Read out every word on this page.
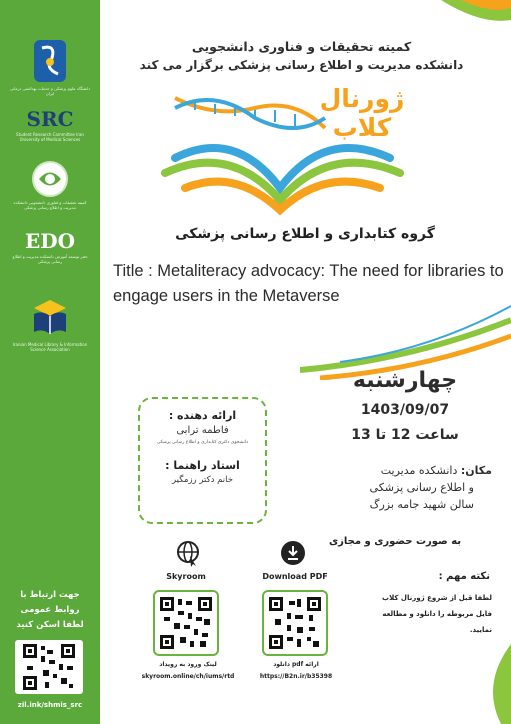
دانشگاه علوم پزشکی و خدمات بهداشتی درمانی ایران
SRC
Student Research Committee Iran University of Medical Sciences
کمیته تحقیقات و فناوری دانشجویی دانشکده مدیریت و اطلاع رسانی پزشکی
EDO
دفتر توسعه آموزش دانشکده مدیریت و اطلاع رسانی پزشکی
Iranian Medical Library & Information Science Association
جهت ارتباط با
روابط عمومی
لطفا اسکن کنید
zil.ink/shmis_src
کمیته تحقیقات و فناوری دانشجویی
دانشکده مدیریت و اطلاع رسانی پزشکی برگزار می کند
ژورنال کلاب
گروه کتابداری و اطلاع رسانی پزشکی
Title : Metaliteracy advocacy: The need for libraries to engage users in the Metaverse
چهارشنبه
1403/09/07
ساعت 12 تا 13
ارائه دهنده :
فاطمه ترابی
دانشجوی دکتری کتابداری و اطلاع رسانی پزشکی
استاد راهنما :
خانم دکتر رزمگیر
مکان: دانشکده مدیریت
و اطلاع رسانی پزشکی
سالن شهید جامه بزرگ
به صورت حضوری و مجازی
نکته مهم :
لطفا قبل از شروع ژورنال کلاب
فایل مربوطه را دانلود و مطالعه
نمایید.
Skyroom	Download PDF
لینک ورود به رویداد
skyroom.online/ch/iums/rtd
دانلود pdf ارائه
https://B2n.ir/b35398
